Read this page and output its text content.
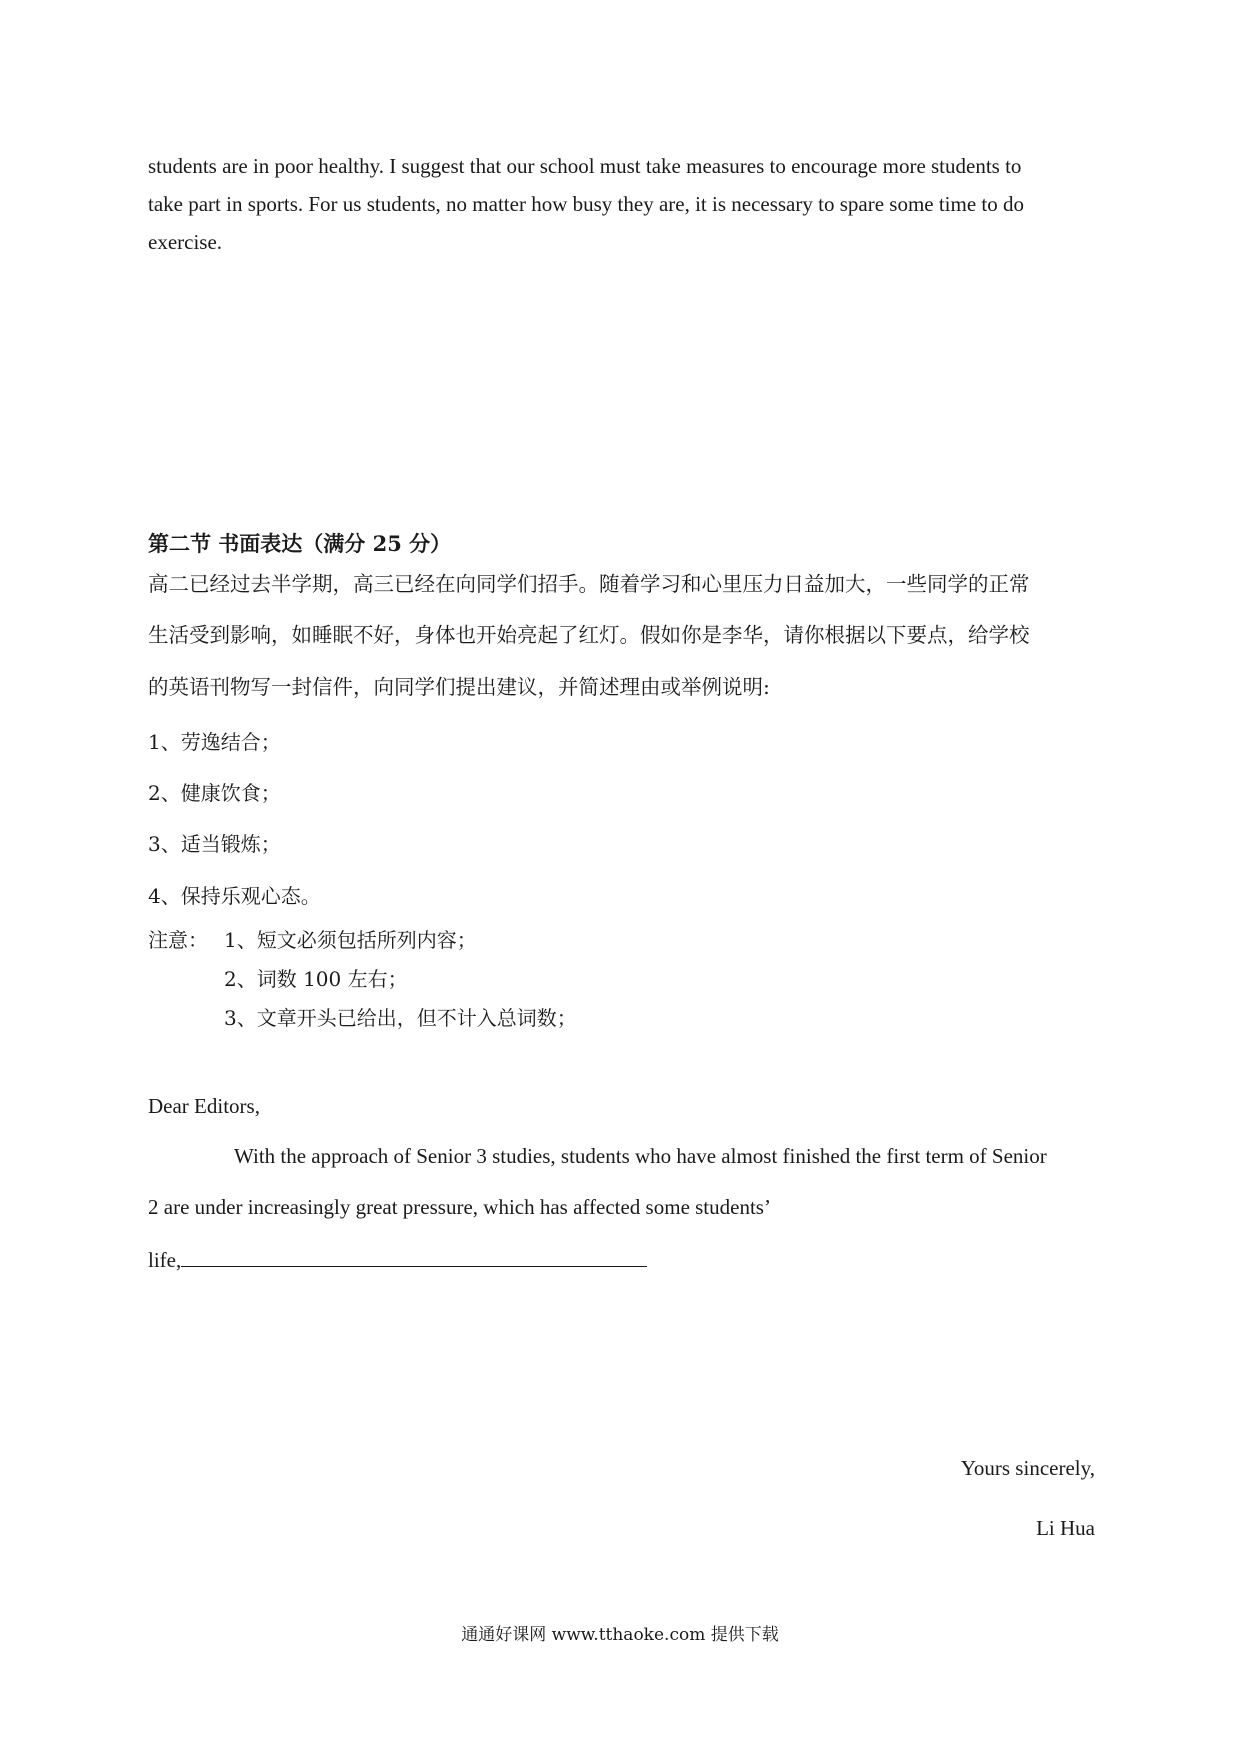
students are in poor healthy. I suggest that our school must take measures to encourage more students to
take part in sports. For us students, no matter how busy they are, it is necessary to spare some time to do
exercise.
第二节 书面表达（满分 25 分）
高二已经过去半学期，高三已经在向同学们招手。随着学习和心里压力日益加大，一些同学的正常
生活受到影响，如睡眠不好，身体也开始亮起了红灯。假如你是李华，请你根据以下要点，给学校
的英语刊物写一封信件，向同学们提出建议，并简述理由或举例说明:
1、劳逸结合；
2、健康饮食；
3、适当锻炼；
4、保持乐观心态。
注意： 1、短文必须包括所列内容；
2、词数 100 左右；
3、文章开头已给出，但不计入总词数；
Dear Editors,
With the approach of Senior 3 studies, students who have almost finished the first term of Senior
2 are under increasingly great pressure, which has affected some students’
life,
Yours sincerely,
Li Hua
通通好课网 www.tthaoke.com 提供下载
